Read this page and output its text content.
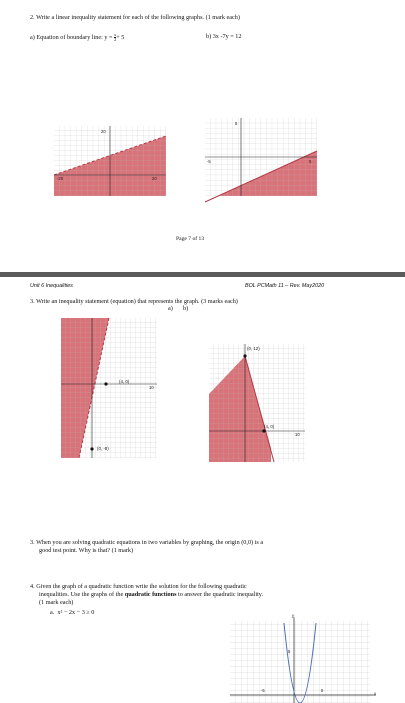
2. Write a linear inequality statement for each of the following graphs. (1 mark each)
a) Equation of boundary line: $y = \frac{x}{2} + 5$	b) 3x -7y = 12
20
-20	20
5
-5	5
Page 7 of 13
Unit 6 Inequalities	BOL PCMath 11 – Rev. May2020
3. Write an inequality statement (equation) that represents the graph. (3 marks each)
a) b)
(4, 0)
(0, -8)
10
(0, 12)
(4, 0)
10
3. When you are solving quadratic equations in two variables by graphing, the origin (0,0) is a
good test point. Why is that? (1 mark)
4. Given the graph of a quadratic function write the solution for the following quadratic
inequalities. Use the graphs of the quadratic functions to answer the quadratic inequality.
(1 mark each)
a. x² − 2x − 3 ≥ 0	y
x
5
-5	5
